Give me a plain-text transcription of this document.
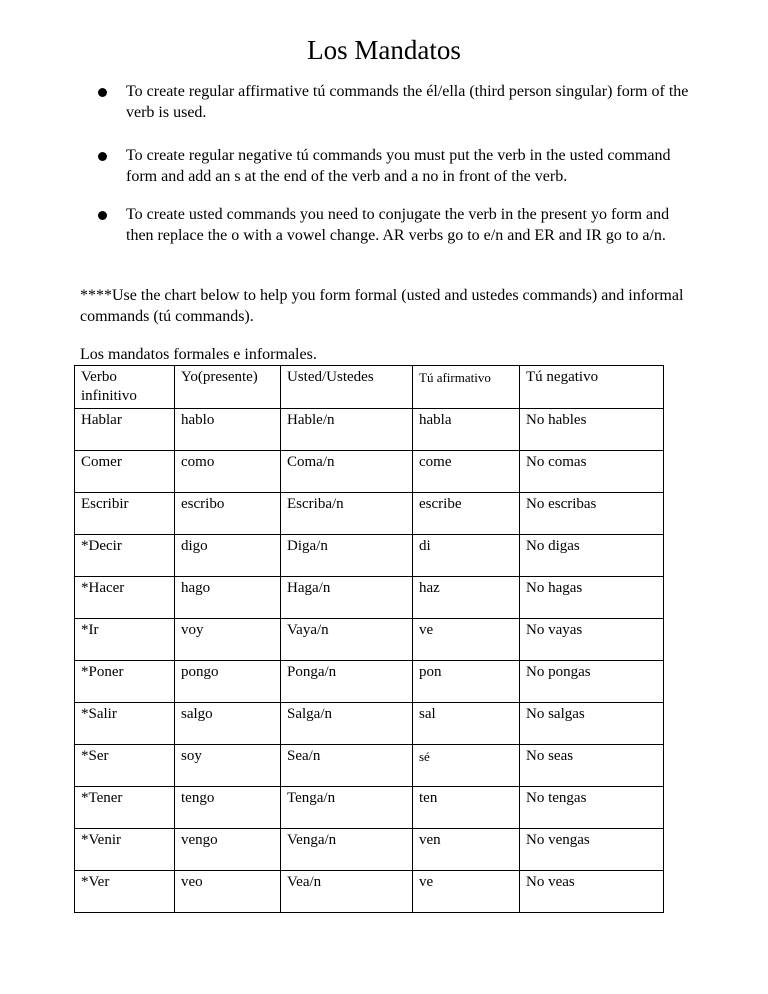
Los Mandatos
To create regular affirmative tú commands the él/ella (third person singular) form of the verb is used.
To create regular negative tú commands you must put the verb in the usted command form and add an s at the end of the verb and a no in front of the verb.
To create usted commands you need to conjugate the verb in the present yo form and then replace the o with a vowel change. AR verbs go to e/n and ER and IR go to a/n.
****Use the chart below to help you form formal (usted and ustedes commands) and informal commands (tú commands).
Los mandatos formales e informales.
Verbo infinitivo	Yo(presente)	Usted/Ustedes	Tú afirmativo	Tú negativo
Hablar	hablo	Hable/n	habla	No hables
Comer	como	Coma/n	come	No comas
Escribir	escribo	Escriba/n	escribe	No escribas
*Decir	digo	Diga/n	di	No digas
*Hacer	hago	Haga/n	haz	No hagas
*Ir	voy	Vaya/n	ve	No vayas
*Poner	pongo	Ponga/n	pon	No pongas
*Salir	salgo	Salga/n	sal	No salgas
*Ser	soy	Sea/n	sé	No seas
*Tener	tengo	Tenga/n	ten	No tengas
*Venir	vengo	Venga/n	ven	No vengas
*Ver	veo	Vea/n	ve	No veas
